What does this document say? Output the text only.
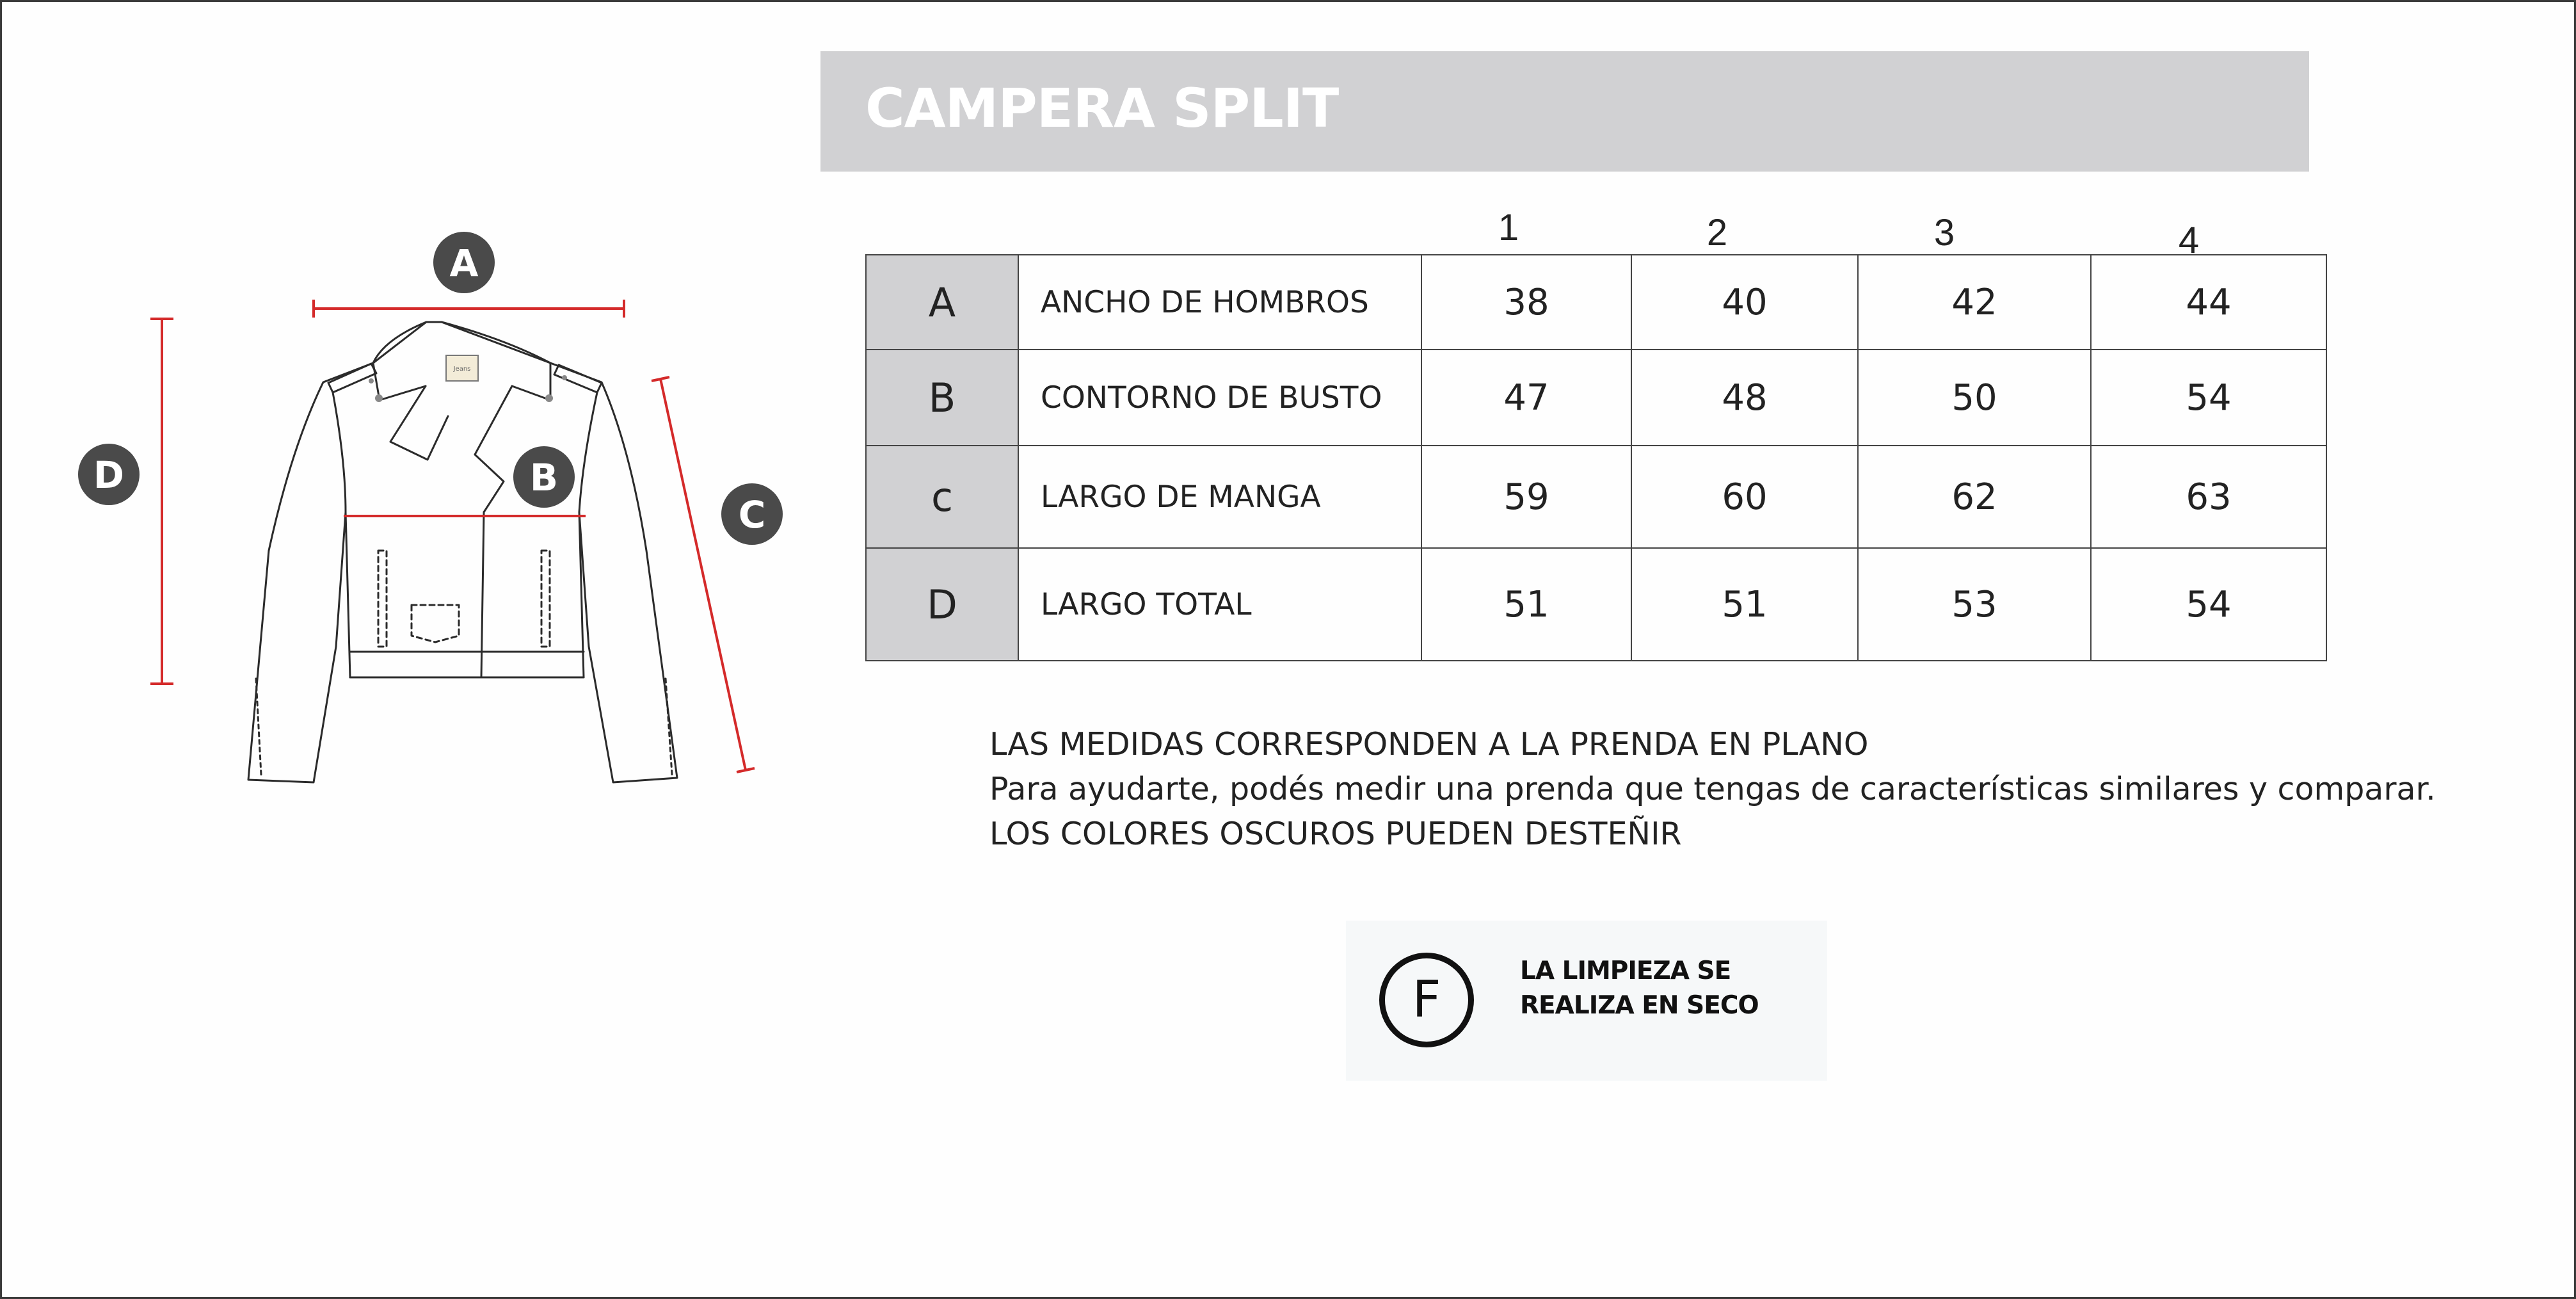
CAMPERA SPLIT
Jeans
A
B
C
D
1	2	3	4
A	ANCHO DE HOMBROS	38	40	42	44
B	CONTORNO DE BUSTO	47	48	50	54
c	LARGO DE MANGA	59	60	62	63
D	LARGO TOTAL	51	51	53	54
LAS MEDIDAS CORRESPONDEN A LA PRENDA EN PLANO
Para ayudarte, podés medir una prenda que tengas de características similares y comparar.
LOS COLORES OSCUROS PUEDEN DESTEÑIR
F
LA LIMPIEZA SE
REALIZA EN SECO
